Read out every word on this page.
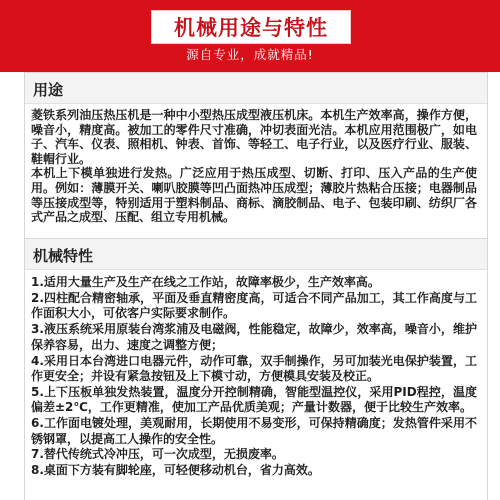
机械用途与特性
源自专业，成就精品!
用途

菱铁系列油压热压机是一种中小型热压成型液压机床。本机生产效率高，操作方便，噪音小，精度高。被加工的零件尺寸准确，冲切表面光洁。本机应用范围极广，如电子、汽车、仪表、照相机、钟表、首饰、等轻工、电子行业，以及医疗行业、服装、鞋帽行业。

本机上下模单独进行发热。广泛应用于热压成型、切断、打印、压入产品的生产使用。例如：薄膜开关、喇叭胶膜等凹凸面热冲压成型；薄胶片热粘合压接；电器制品等压接成型等，特别适用于塑料制品、商标、滴胶制品、电子、包装印刷、纺织厂各式产品之成型、压配、组立专用机械。

机械特性
1.适用大量生产及生产在线之工作站，故障率极少，生产效率高。
2.四柱配合精密轴承，平面及垂直精密度高，可适合不同产品加工，其工作高度与工作面积大小，可依客户实际要求制作。
3.液压系统采用原装台湾浆浦及电磁阀，性能稳定，故障少，效率高，噪音小，维护保养容易，出力、速度之调整方便；
4.采用日本台湾进口电器元件，动作可靠，双手制操作，另可加装光电保护装置，工作更安全；并设有紧急按钮及上下模寸动，方便模具安装及校正。
5.上下压板单独发热装置，温度分开控制精确，智能型温控仪，采用PID程控，温度偏差±2℃，工作更精准，使加工产品优质美观；产量计数器，便于比较生产效率。
6.工作面电镀处理，美观耐用，长期使用不易变形，可保持精确度；发热管件采用不锈钢罩，以提高工人操作的安全性。
7.替代传统式冷冲压，可一次成型，无损废率。
8.桌面下方装有脚轮座，可轻便移动机台，省力高效。
